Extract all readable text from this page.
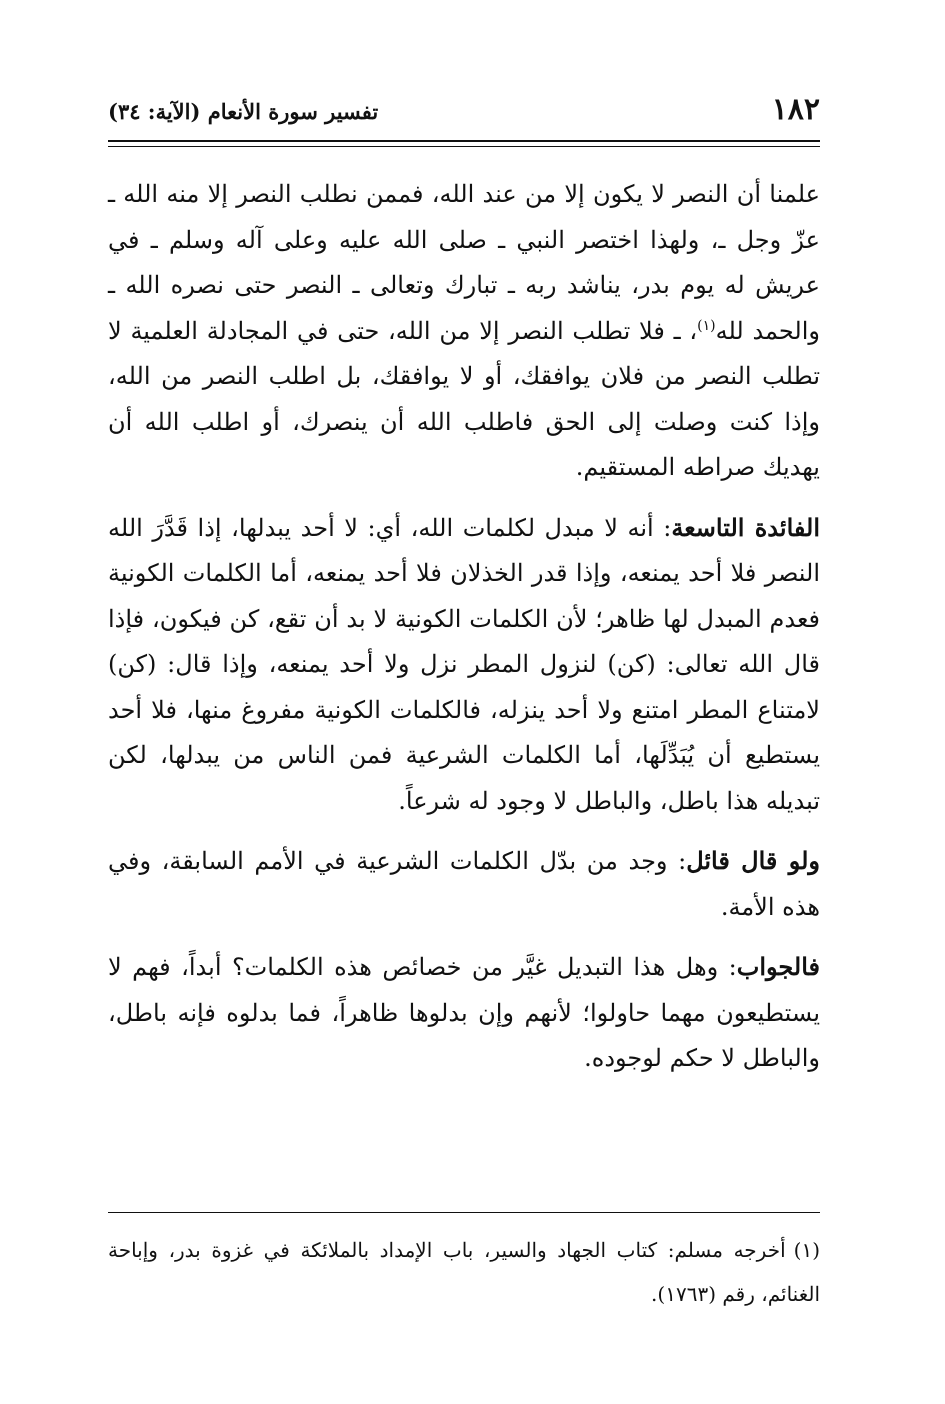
١٨٢
تفسير سورة الأنعام (الآية: ٣٤)

علمنا أن النصر لا يكون إلا من عند الله، فممن نطلب النصر إلا منه الله ـ عزّ وجل ـ، ولهذا اختصر النبي ـ صلى الله عليه وعلى آله وسلم ـ في عريش له يوم بدر، يناشد ربه ـ تبارك وتعالى ـ النصر حتى نصره الله ـ والحمد لله$^{(١)}$، ـ فلا تطلب النصر إلا من الله، حتى في المجادلة العلمية لا تطلب النصر من فلان يوافقك، أو لا يوافقك، بل اطلب النصر من الله، وإذا كنت وصلت إلى الحق فاطلب الله أن ينصرك، أو اطلب الله أن يهديك صراطه المستقيم.

الفائدة التاسعة: أنه لا مبدل لكلمات الله، أي: لا أحد يبدلها، إذا قَدَّرَ الله النصر فلا أحد يمنعه، وإذا قدر الخذلان فلا أحد يمنعه، أما الكلمات الكونية فعدم المبدل لها ظاهر؛ لأن الكلمات الكونية لا بد أن تقع، كن فيكون، فإذا قال الله تعالى: (كن) لنزول المطر نزل ولا أحد يمنعه، وإذا قال: (كن) لامتناع المطر امتنع ولا أحد ينزله، فالكلمات الكونية مفروغ منها، فلا أحد يستطيع أن يُبَدِّلَها، أما الكلمات الشرعية فمن الناس من يبدلها، لكن تبديله هذا باطل، والباطل لا وجود له شرعاً.

ولو قال قائل: وجد من بدّل الكلمات الشرعية في الأمم السابقة، وفي هذه الأمة.

فالجواب: وهل هذا التبديل غيَّر من خصائص هذه الكلمات؟ أبداً، فهم لا يستطيعون مهما حاولوا؛ لأنهم وإن بدلوها ظاهراً، فما بدلوه فإنه باطل، والباطل لا حكم لوجوده.

(١)أخرجه مسلم: كتاب الجهاد والسير، باب الإمداد بالملائكة في غزوة بدر، وإباحة الغنائم، رقم (١٧٦٣).
